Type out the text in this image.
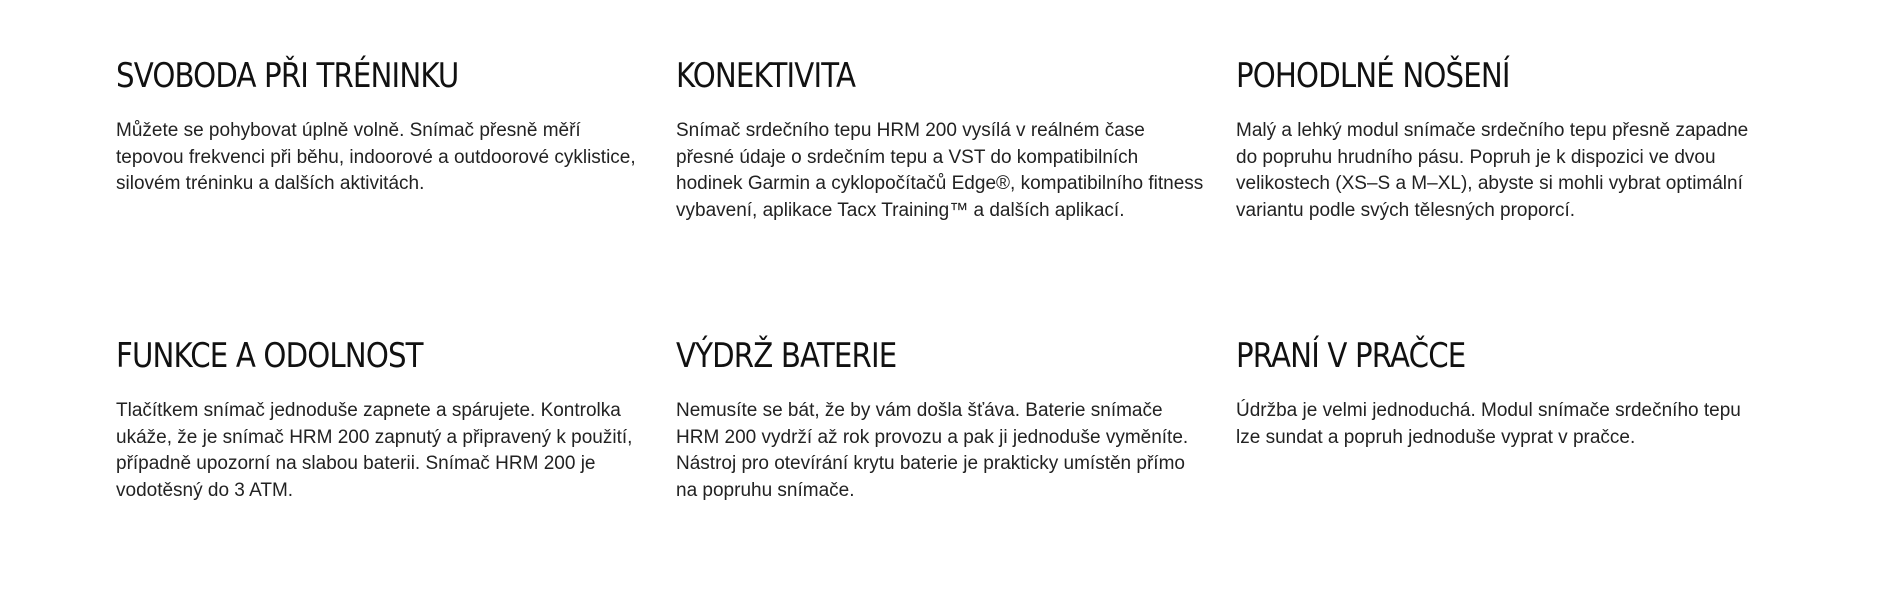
SVOBODA PŘI TRÉNINKU

Můžete se pohybovat úplně volně. Snímač přesně měří tepovou frekvenci při běhu, indoorové a outdoorové cyklistice, silovém tréninku a dalších aktivitách.

KONEKTIVITA

Snímač srdečního tepu HRM 200 vysílá v reálném čase přesné údaje o srdečním tepu a VST do kompatibilních hodinek Garmin a cyklopočítačů Edge®, kompatibilního fitness vybavení, aplikace Tacx Training™ a dalších aplikací.

POHODLNÉ NOŠENÍ

Malý a lehký modul snímače srdečního tepu přesně zapadne do popruhu hrudního pásu. Popruh je k dispozici ve dvou velikostech (XS–S a M–XL), abyste si mohli vybrat optimální variantu podle svých tělesných proporcí.

FUNKCE A ODOLNOST

Tlačítkem snímač jednoduše zapnete a spárujete. Kontrolka ukáže, že je snímač HRM 200 zapnutý a připravený k použití, případně upozorní na slabou baterii. Snímač HRM 200 je vodotěsný do 3 ATM.

VÝDRŽ BATERIE

Nemusíte se bát, že by vám došla šťáva. Baterie snímače HRM 200 vydrží až rok provozu a pak ji jednoduše vyměníte. Nástroj pro otevírání krytu baterie je prakticky umístěn přímo na popruhu snímače.

PRANÍ V PRAČCE

Údržba je velmi jednoduchá. Modul snímače srdečního tepu lze sundat a popruh jednoduše vyprat v pračce.
